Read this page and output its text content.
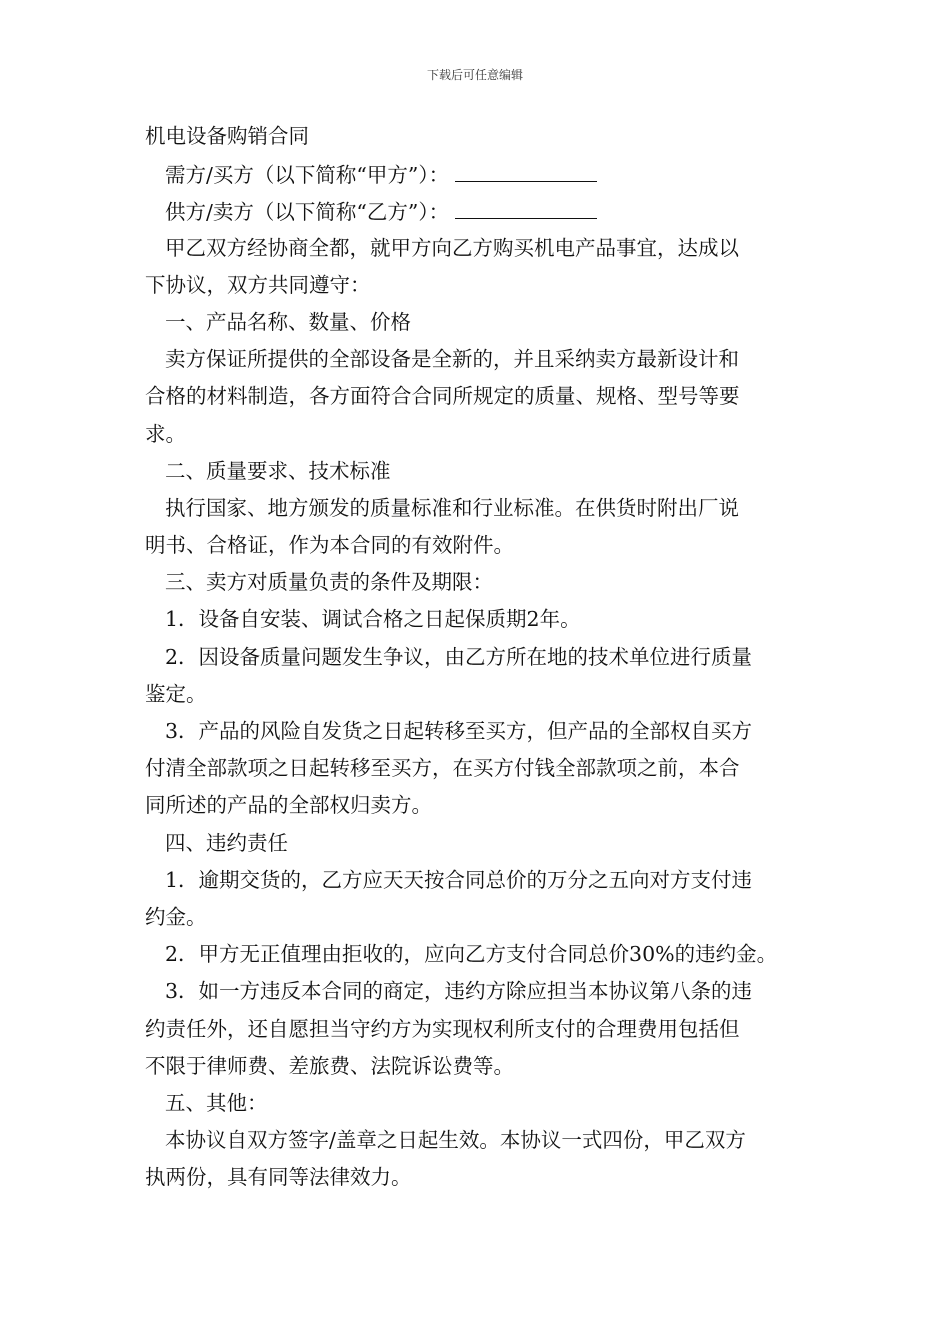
下载后可任意编辑
机电设备购销合同
需方/买方（以下简称“甲方”）：
供方/卖方（以下简称“乙方”）：
甲乙双方经协商全都，就甲方向乙方购买机电产品事宜，达成以
下协议，双方共同遵守：
一、产品名称、数量、价格
卖方保证所提供的全部设备是全新的，并且采纳卖方最新设计和
合格的材料制造，各方面符合合同所规定的质量、规格、型号等要
求。
二、质量要求、技术标准
执行国家、地方颁发的质量标准和行业标准。在供货时附出厂说
明书、合格证，作为本合同的有效附件。
三、卖方对质量负责的条件及期限：
1．设备自安装、调试合格之日起保质期2年。
2．因设备质量问题发生争议，由乙方所在地的技术单位进行质量
鉴定。
3．产品的风险自发货之日起转移至买方，但产品的全部权自买方
付清全部款项之日起转移至买方，在买方付钱全部款项之前，本合
同所述的产品的全部权归卖方。
四、违约责任
1．逾期交货的，乙方应天天按合同总价的万分之五向对方支付违
约金。
2．甲方无正值理由拒收的，应向乙方支付合同总价30%的违约金。
3．如一方违反本合同的商定，违约方除应担当本协议第八条的违
约责任外，还自愿担当守约方为实现权利所支付的合理费用包括但
不限于律师费、差旅费、法院诉讼费等。
五、其他：
本协议自双方签字/盖章之日起生效。本协议一式四份，甲乙双方
执两份，具有同等法律效力。
